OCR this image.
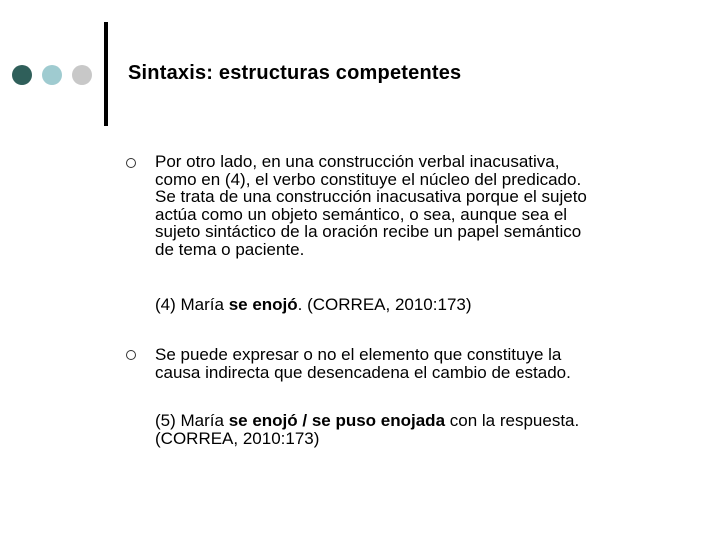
Sintaxis: estructuras competentes
Por otro lado, en una construcción verbal inacusativa,
como en (4), el verbo constituye el núcleo del predicado.
Se trata de una construcción inacusativa porque el sujeto
actúa como un objeto semántico, o sea, aunque sea el
sujeto sintáctico de la oración recibe un papel semántico
de tema o paciente.
(4) María se enojó. (CORREA, 2010:173)
Se puede expresar o no el elemento que constituye la
causa indirecta que desencadena el cambio de estado.
(5) María se enojó / se puso enojada con la respuesta.
(CORREA, 2010:173)
